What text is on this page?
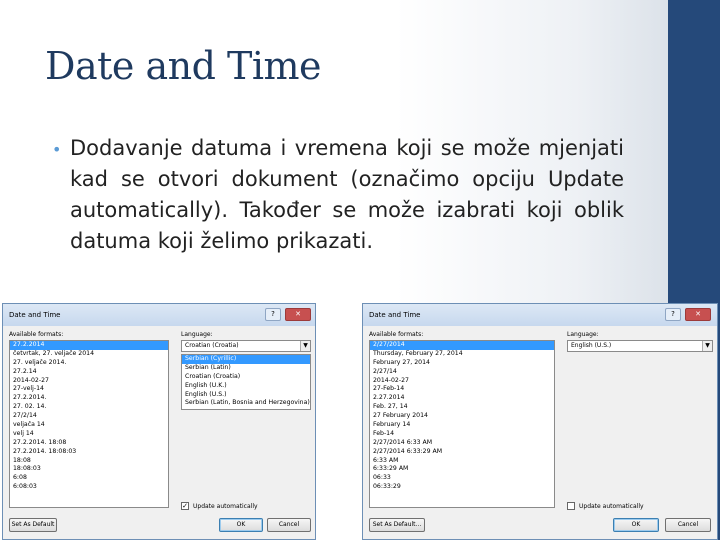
Date and Time
• Dodavanje datuma i vremena koji se može mjenjati kad se otvori dokument (označimo opciju Update automatically). Također se može izabrati koji oblik datuma koji želimo prikazati.
Date and Time	?	✕
Available formats:
27.2.2014
četvrtak, 27. veljače 2014
27. veljače 2014.
27.2.14
2014-02-27
27-velj-14
27.2.2014.
27. 02. 14.
27/2/14
veljača 14
velj 14
27.2.2014. 18:08
27.2.2014. 18:08:03
18:08
18:08:03
6:08
6:08:03
Language:
Croatian (Croatia)	▼
Serbian (Cyrillic)
Serbian (Latin)
Croatian (Croatia)
English (U.K.)
English (U.S.)
Serbian (Latin, Bosnia and Herzegovina)
✓ Update automatically
Set As Default	OK	Cancel
Date and Time	?	✕
Available formats:
2/27/2014
Thursday, February 27, 2014
February 27, 2014
2/27/14
2014-02-27
27-Feb-14
2.27.2014
Feb. 27, 14
27 February 2014
February 14
Feb-14
2/27/2014 6:33 AM
2/27/2014 6:33:29 AM
6:33 AM
6:33:29 AM
06:33
06:33:29
Language:
English (U.S.)	▼
Update automatically
Set As Default...	OK	Cancel
